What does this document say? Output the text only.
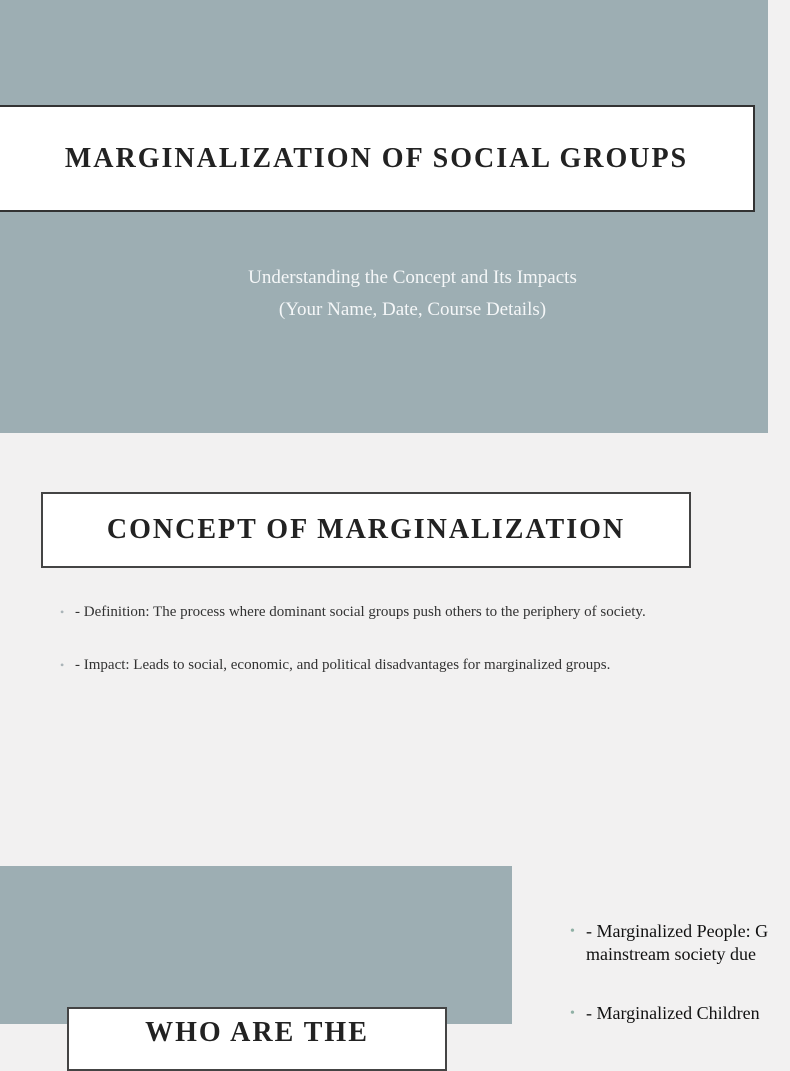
MARGINALIZATION OF SOCIAL GROUPS
Understanding the Concept and Its Impacts
(Your Name, Date, Course Details)
CONCEPT OF MARGINALIZATION
• - Definition: The process where dominant social groups push others to the periphery of society.
• - Impact: Leads to social, economic, and political disadvantages for marginalized groups.
WHO ARE THE
• - Marginalized People: G
mainstream society due
• - Marginalized Children
